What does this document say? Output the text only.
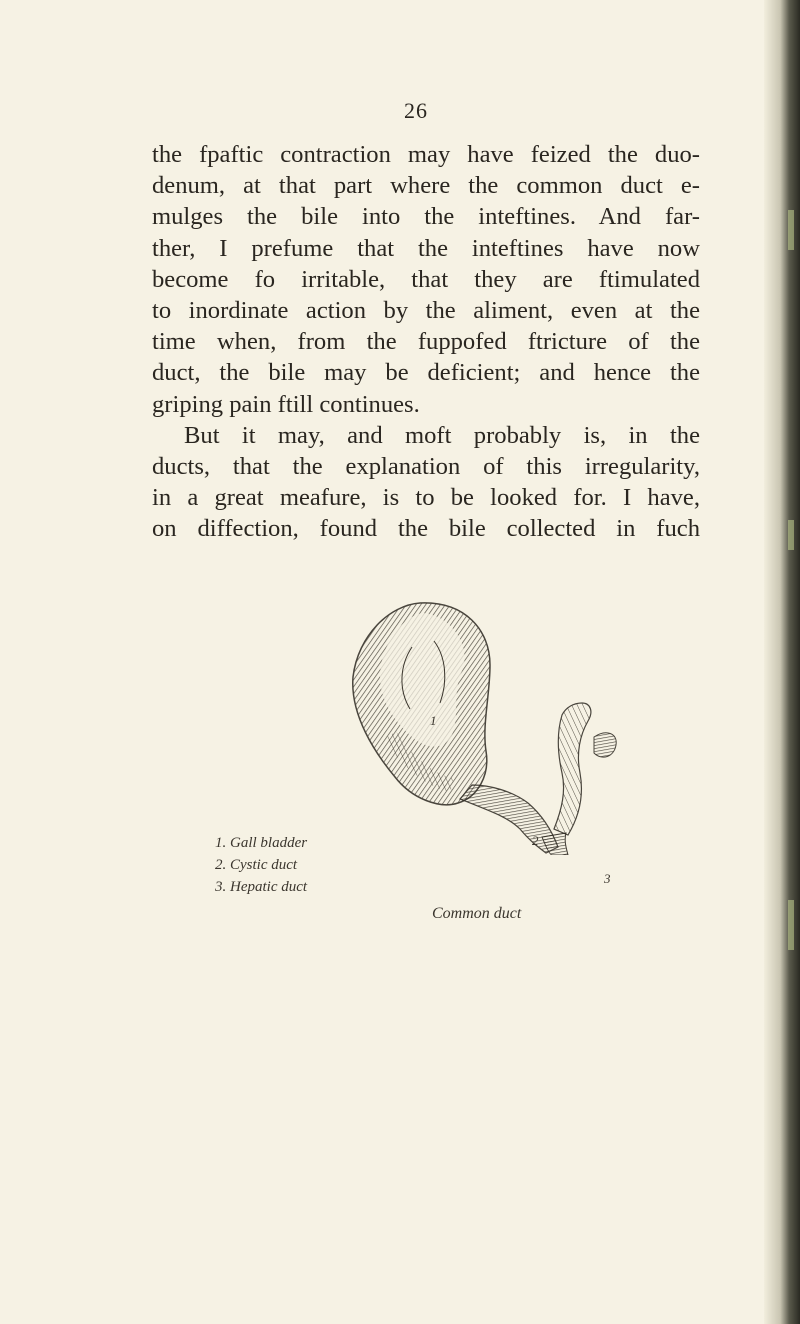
26
the fpaftic contraction may have feized the duo-
denum, at that part where the common duct e-
mulges the bile into the inteftines. And far-
ther, I prefume that the inteftines have now
become fo irritable, that they are ftimulated
to inordinate action by the aliment, even at the
time when, from the fuppofed ftricture of the
duct, the bile may be deficient; and hence the
griping pain ftill continues.
But it may, and moft probably is, in the
ducts, that the explanation of this irregularity,
in a great meafure, is to be looked for. I have,
on diffection, found the bile collected in fuch
1. Gall bladder
2. Cystic duct
3. Hepatic duct
1
2
3
Common duct
